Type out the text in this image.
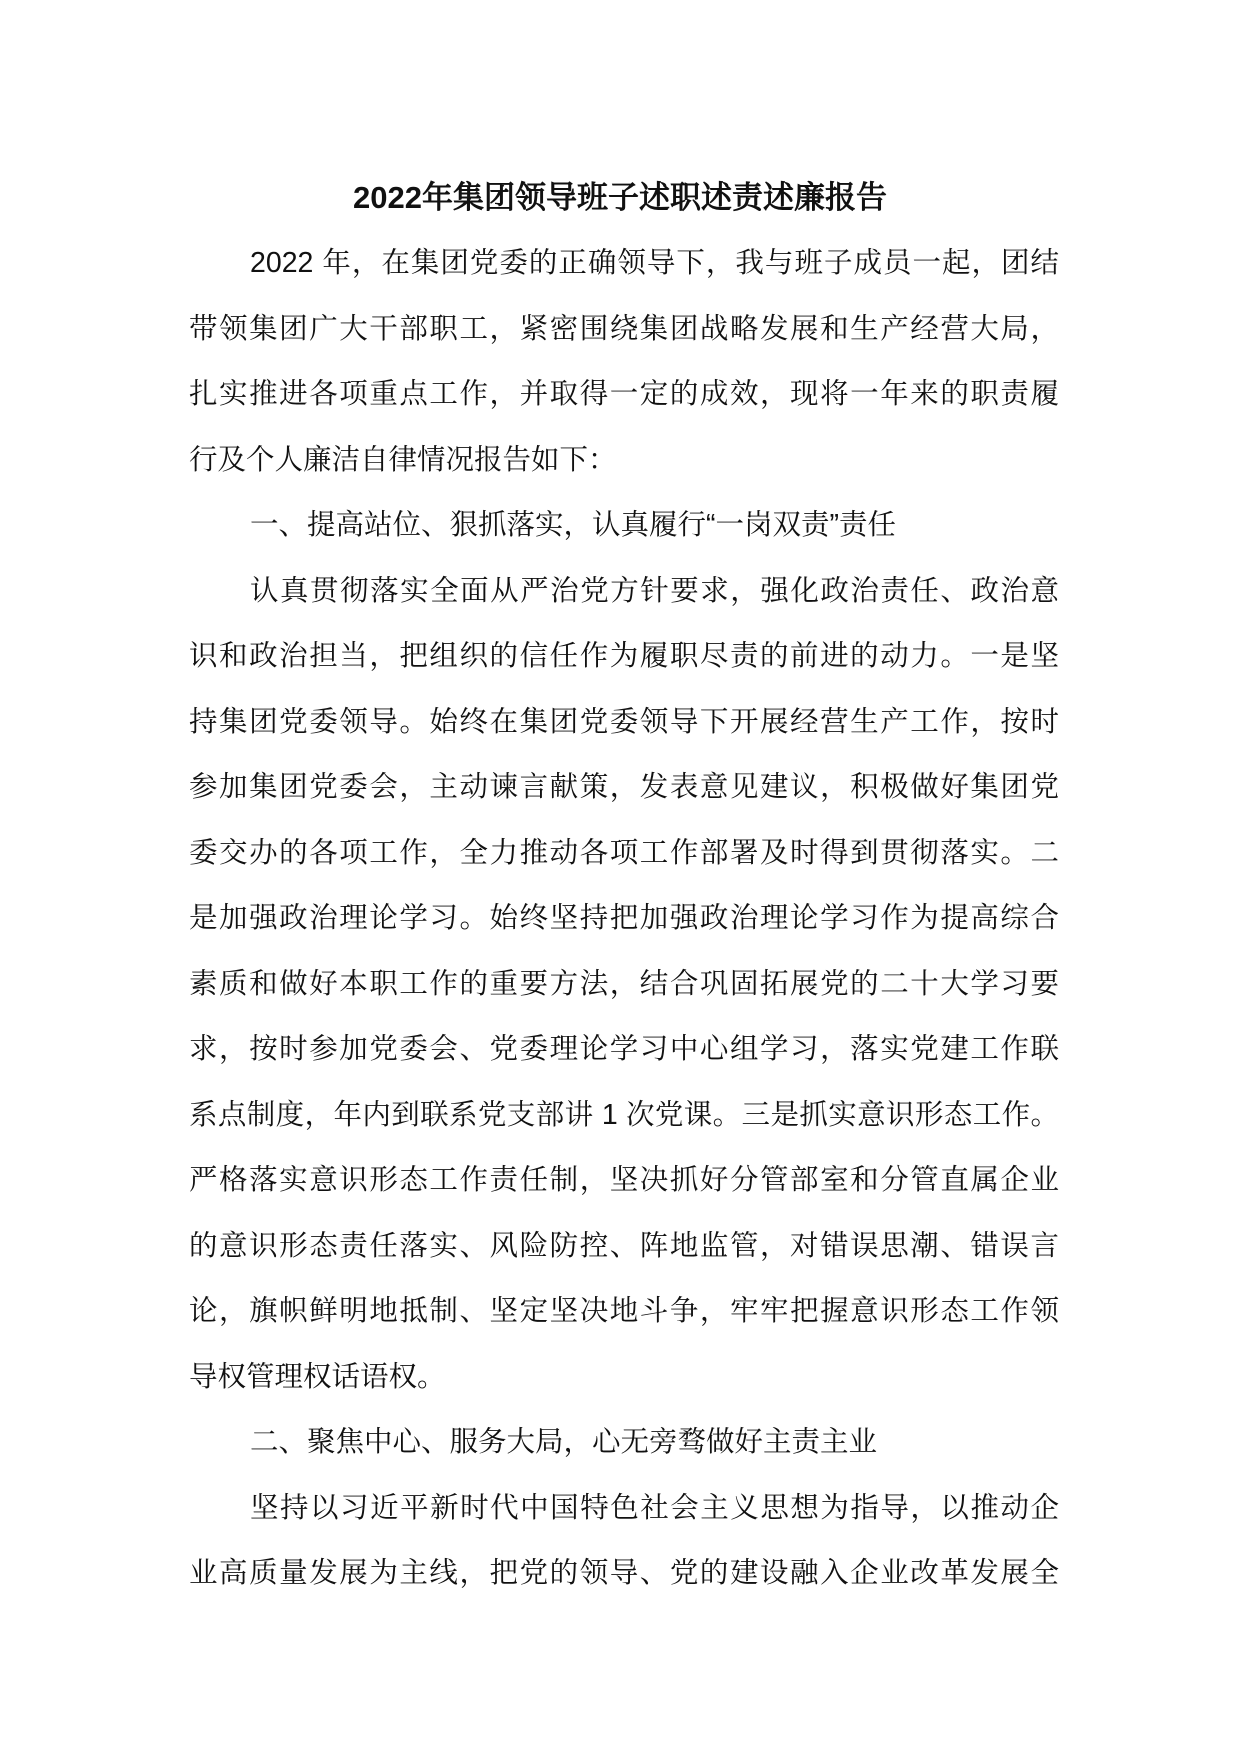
2022年集团领导班子述职述责述廉报告
2022 年，在集团党委的正确领导下，我与班子成员一起，团结
带领集团广大干部职工，紧密围绕集团战略发展和生产经营大局，
扎实推进各项重点工作，并取得一定的成效，现将一年来的职责履
行及个人廉洁自律情况报告如下：
一、提高站位、狠抓落实，认真履行“一岗双责”责任
认真贯彻落实全面从严治党方针要求，强化政治责任、政治意
识和政治担当，把组织的信任作为履职尽责的前进的动力。一是坚
持集团党委领导。始终在集团党委领导下开展经营生产工作，按时
参加集团党委会，主动谏言献策，发表意见建议，积极做好集团党
委交办的各项工作，全力推动各项工作部署及时得到贯彻落实。二
是加强政治理论学习。始终坚持把加强政治理论学习作为提高综合
素质和做好本职工作的重要方法，结合巩固拓展党的二十大学习要
求，按时参加党委会、党委理论学习中心组学习，落实党建工作联
系点制度，年内到联系党支部讲 1 次党课。三是抓实意识形态工作。
严格落实意识形态工作责任制，坚决抓好分管部室和分管直属企业
的意识形态责任落实、风险防控、阵地监管，对错误思潮、错误言
论，旗帜鲜明地抵制、坚定坚决地斗争，牢牢把握意识形态工作领
导权管理权话语权。
二、聚焦中心、服务大局，心无旁骛做好主责主业
坚持以习近平新时代中国特色社会主义思想为指导，以推动企
业高质量发展为主线，把党的领导、党的建设融入企业改革发展全
